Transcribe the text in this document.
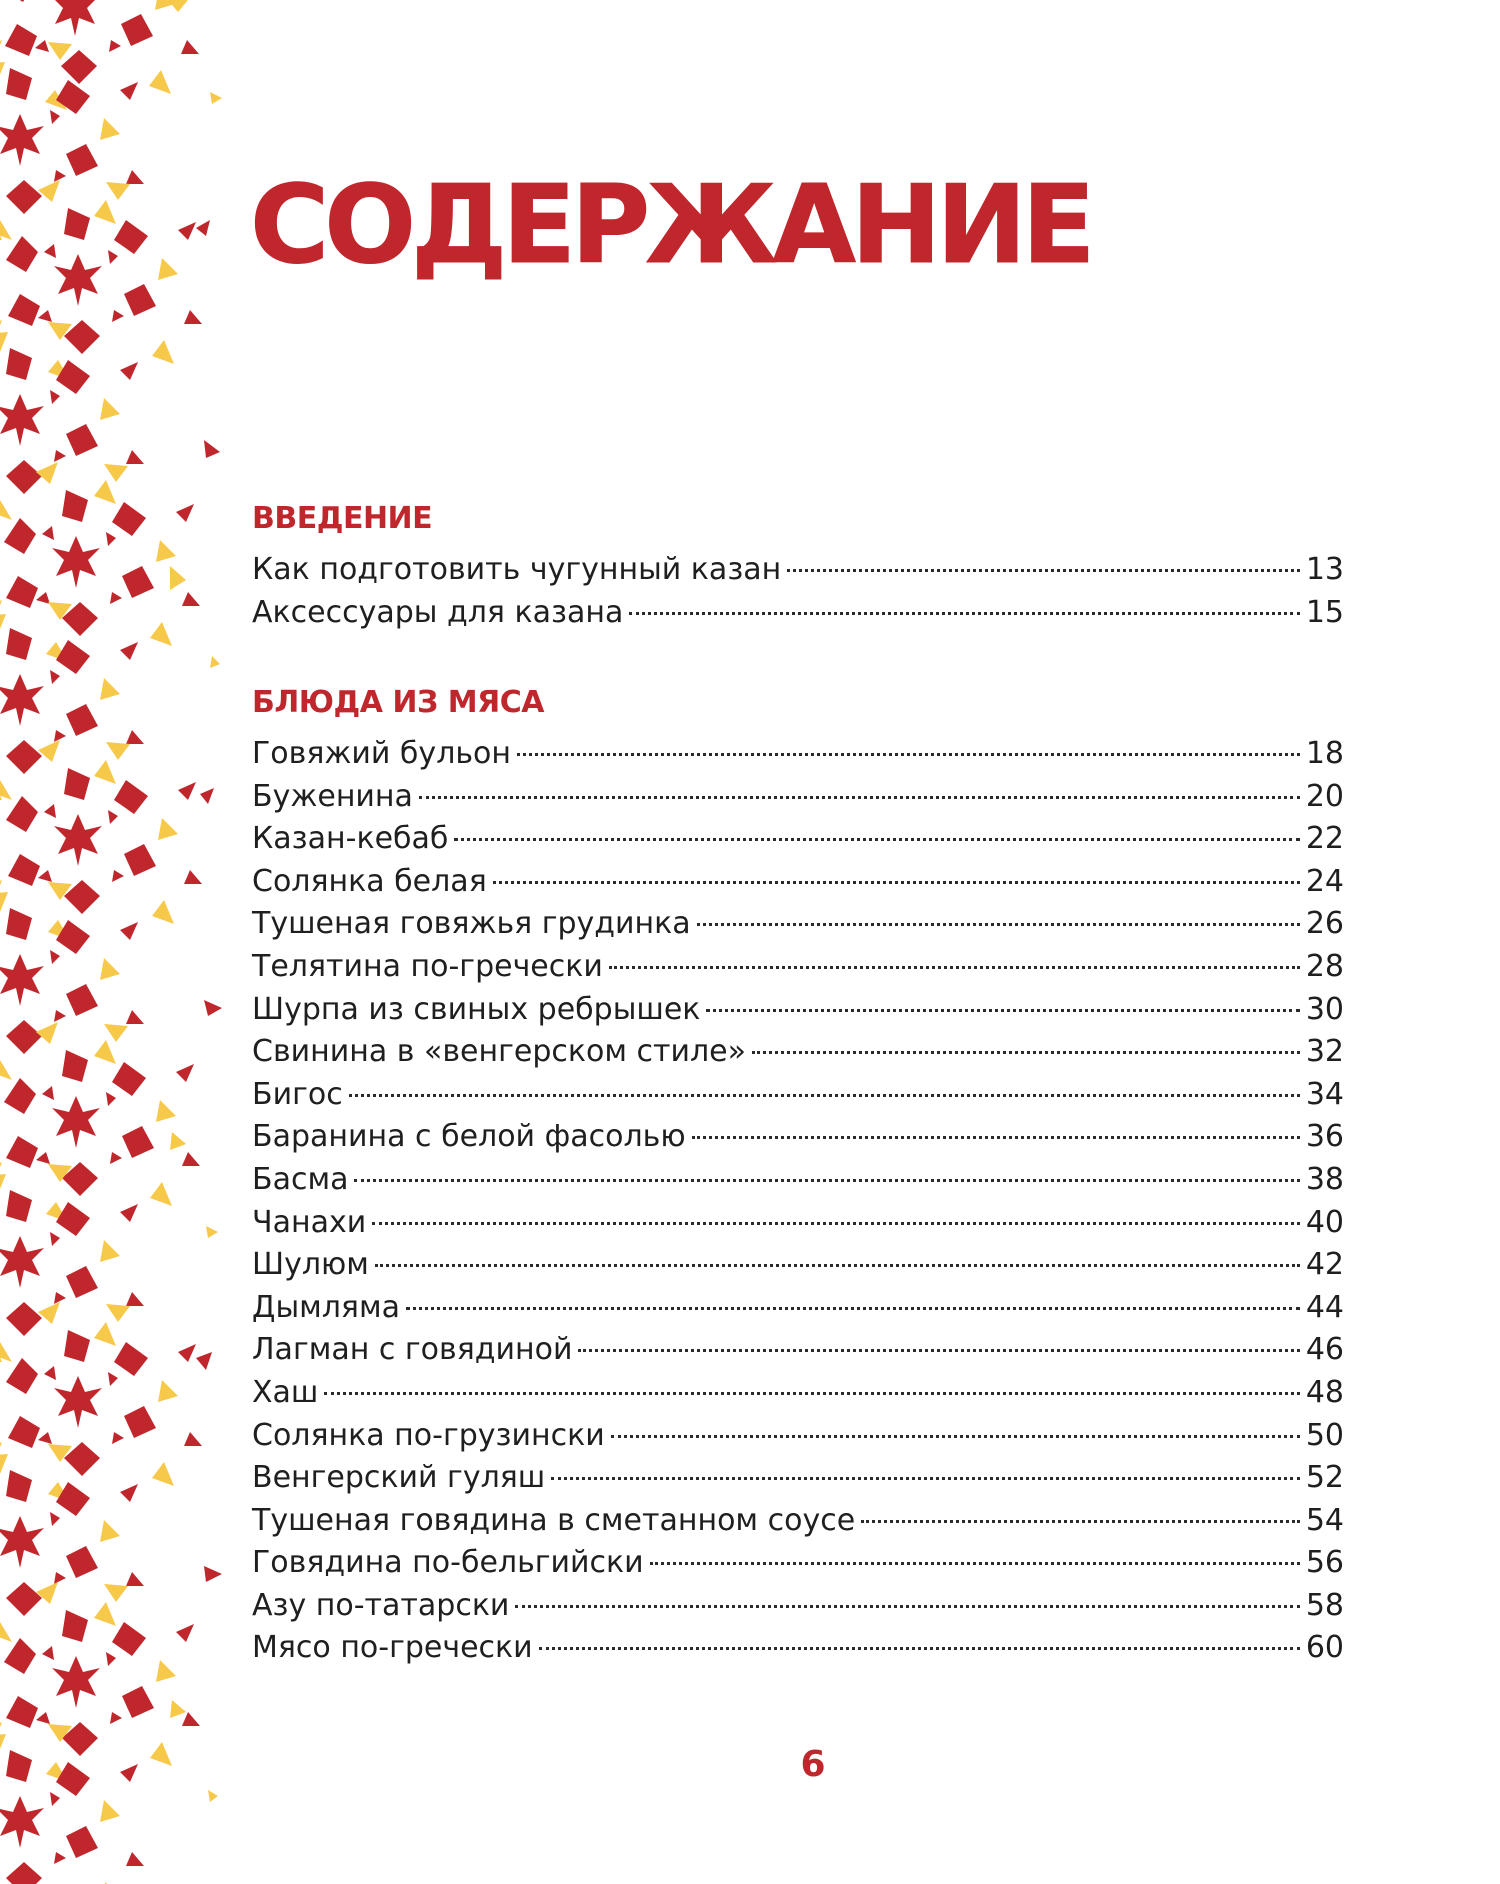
СОДЕРЖАНИЕ
ВВЕДЕНИЕ
Как подготовить чугунный казан	13
Аксессуары для казана	15
БЛЮДА ИЗ МЯСА
Говяжий бульон	18
Буженина	20
Казан-кебаб	22
Солянка белая	24
Тушеная говяжья грудинка	26
Телятина по-гречески	28
Шурпа из свиных ребрышек	30
Свинина в «венгерском стиле»	32
Бигос	34
Баранина с белой фасолью	36
Басма	38
Чанахи	40
Шулюм	42
Дымляма	44
Лагман с говядиной	46
Хаш	48
Солянка по-грузински	50
Венгерский гуляш	52
Тушеная говядина в сметанном соусе	54
Говядина по-бельгийски	56
Азу по-татарски	58
Мясо по-гречески	60
6
